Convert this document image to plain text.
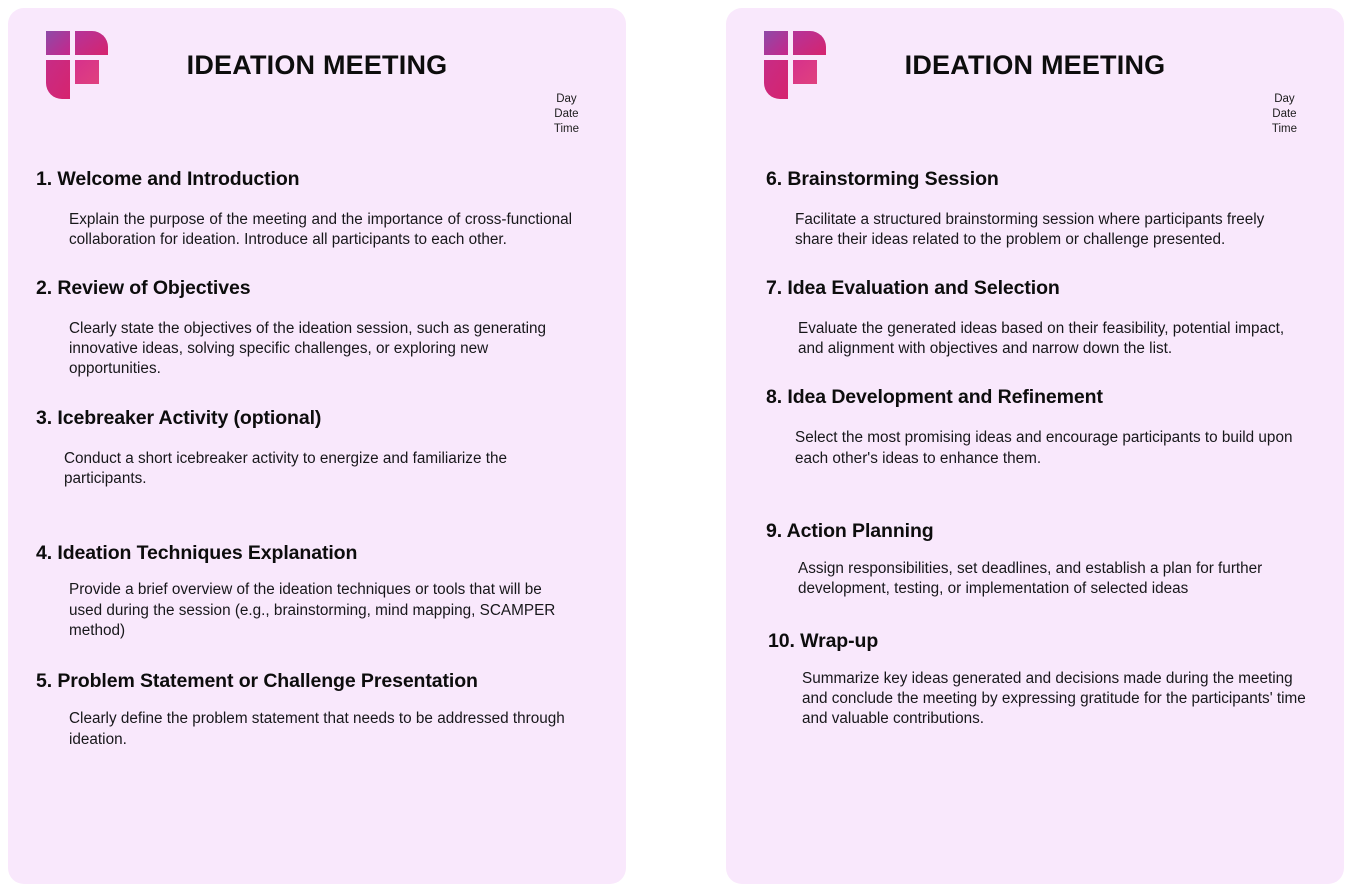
IDEATION MEETING
Day
Date
Time
1. Welcome and Introduction

Explain the purpose of the meeting and the importance of cross-functional collaboration for ideation. Introduce all participants to each other.

2. Review of Objectives

Clearly state the objectives of the ideation session, such as generating innovative ideas, solving specific challenges, or exploring new opportunities.

3. Icebreaker Activity (optional)

Conduct a short icebreaker activity to energize and familiarize the participants.

4. Ideation Techniques Explanation

Provide a brief overview of the ideation techniques or tools that will be used during the session (e.g., brainstorming, mind mapping, SCAMPER method)

5. Problem Statement or Challenge Presentation

Clearly define the problem statement that needs to be addressed through ideation.

IDEATION MEETING
Day
Date
Time
6. Brainstorming Session

Facilitate a structured brainstorming session where participants freely share their ideas related to the problem or challenge presented.

7. Idea Evaluation and Selection

Evaluate the generated ideas based on their feasibility, potential impact, and alignment with objectives and narrow down the list.

8. Idea Development and Refinement

Select the most promising ideas and encourage participants to build upon each other's ideas to enhance them.

9. Action Planning

Assign responsibilities, set deadlines, and establish a plan for further development, testing, or implementation of selected ideas

10. Wrap-up

Summarize key ideas generated and decisions made during the meeting and conclude the meeting by expressing gratitude for the participants' time and valuable contributions.
